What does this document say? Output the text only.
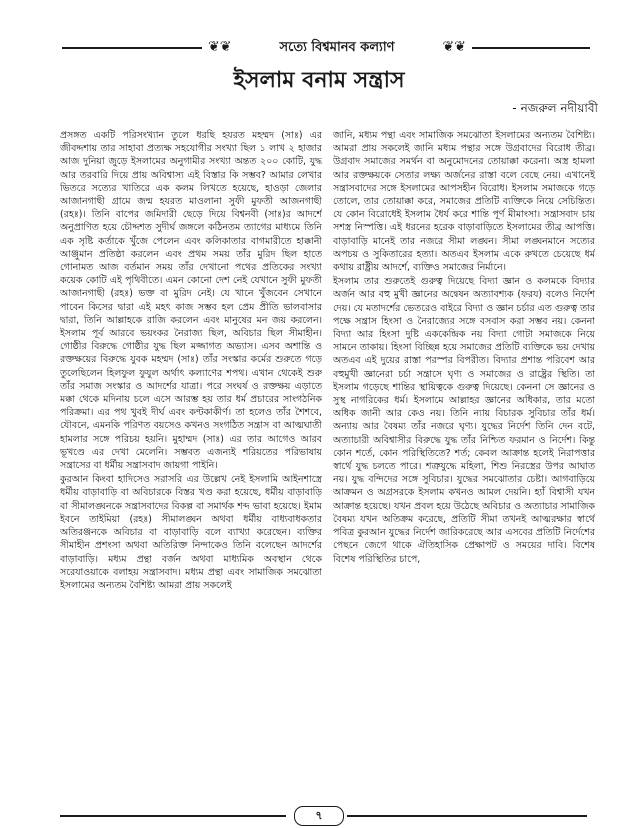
❦❦	সত্যে বিশ্বমানব কল্যাণ	❦❦
ইসলাম বনাম সন্ত্রাস
- নজরুল নদীয়াবী

প্রসঙ্গত একটি পরিসংখ্যান তুলে ধরছি হযরত মহম্মদ (সাঃ) এর জীবদ্দশায় তার সাহাবা প্রত্যক্ষ সহযোগীর সংখ্যা ছিল ১ লাখ ২ হাজার আজ দুনিয়া জুড়ে ইসলামের অনুগামীর সংখ্যা অন্তত ২০০ কোটি, যুদ্ধ আর তরবারি দিয়ে প্রায় অবিশ্বাস্য এই বিস্তার কি সম্ভব? আমার লেখার ভিতরে সত্যের খাতিরে এক কলম লিখতে হয়েছে, হাওড়া জেলার আজানগাছী গ্রামে জন্ম হযরত মাওলানা সুফী মুফতী আজনগাছী (রহঃ)। তিনি বাপের জমিদারী ছেড়ে দিয়ে বিশ্বনবী (সাঃ)র আদর্শে অনুপ্রাণিত হয়ে চৌদ্দশত সুদীর্ঘ জঙ্গলে কঠিনতম ত্যাগের মাধ্যমে তিনি এক সৃষ্টি কর্তাকে খুঁজে পেলেন এবং কলিকাতার বাগমারীতে হাক্কানী আঞ্জুমান প্রতিষ্ঠা করলেন এবং প্রথম সময় তাঁর মুরিদ ছিল হাতে গোনামত আজ বর্তমান সময় তাঁর দেখানো পথের প্রতিকের সংখ্যা কয়েক কোটি এই পৃথিবীতে। এমন কোনো দেশ নেই যেখানে সুফী মুফতী আজানগাছী (রহঃ) ভক্ত বা মুরিদ নেই। যে খানে খুঁজবেন সেখানে পাবেন কিসের দ্বারা এই মহৎ কাজ সম্ভব হল প্রেম প্রীতি ভালবাসার দ্বারা, তিনি আল্লাহকে রাজি করলেন এবং মানুষের মন জয় করলেন। ইসলাম পূর্ব আরবে ভয়ংকর নৈরাজ্য ছিল, অবিচার ছিল সীমাহীন। গোষ্ঠীর বিরুদ্ধে গোষ্ঠীর যুদ্ধ ছিল মজ্জাগত অভ্যাস। এসব অশান্তি ও রক্তক্ষয়ের বিরুদ্ধে যুবক মহম্মদ (সাঃ) তাঁর সংস্কার কর্মের শুরুতে গড়ে তুলেছিলেন হিলফুল ফুযুল অর্থাৎ কল্যাণের শপথ। এখান থেকেই শুরু তাঁর সমাজ সংস্কার ও আদর্শের যাত্রা। পরে সংঘর্ষ ও রক্তক্ষয় এড়াতে মক্কা থেকে মদিনায় চলে এসে আরম্ভ হয় তার ধর্ম প্রচারের সাংগঠনিক পরিক্রমা। এর পথ খুবই দীর্ঘ এবং কণ্টকাকীর্ণ। তা হলেও তাঁর শৈশবে, যৌবনে, এমনকি পরিণত বয়সেও কখনও সংগঠিত সন্ত্রাস বা আত্মঘাতী হামলার সঙ্গে পরিচয় হয়নি। মুহাম্মদ (সাঃ) এর তার আগেও আরব ভূখণ্ডে এর দেখা মেলেনি। সম্ভবত এজন্যই শরিয়তের পরিভাষায় সন্ত্রাসের বা ধর্মীয় সন্ত্রাসবাদ জায়গা পাইনি।

কুরআন কিংবা হাদিসেও সরাসরি এর উল্লেখ নেই ইসলামি আইনশাস্ত্রে ধর্মীয় বাড়াবাড়ি বা অবিচারকে বিস্তর খণ্ড করা হয়েছে, ধর্মীয় বাড়াবাড়ি বা সীমালঙ্ঘনকে সন্ত্রাসবাদের বিকল্প বা সমার্থক শব্দ ভাবা হয়েছে। ইমাম ইবনে তাইমিয়া (রহঃ) সীমালঙ্ঘন অথবা ধর্মীয় বাধ্যবাধকতার অতিরঞ্জনকে অবিচার বা বাড়াবাড়ি বলে ব্যাখ্যা করেছেন। ব্যক্তির সীমাহীন প্রশংসা অথবা অতিরিক্ত নিন্দাকেও তিনি বলেছেন আদর্শের বাড়াবাড়ি। মধ্যম প্রন্থা বর্জন অথবা মাধ্যমিক অবস্থান থেকে সরেযাওয়াকে বলাহয় সন্ত্রাসবাদ। মধ্যম প্রন্থা এবং সামাজিক সমঝোতা ইসলামের অন্যতম বৈশিষ্ট্য আমরা প্রায় সকলেই

জানি, মধ্যম পন্থা এবং সামাজিক সমঝোতা ইসলামের অন্যতম বৈশিষ্ট্য। আমরা প্রায় সকলেই জানি মধ্যম পন্থার সঙ্গে উগ্রবাদের বিরোধ তীব্র। উগ্রবাদ সমাজের সমর্থন বা অনুমোদনের তোয়াক্কা করেনা। অস্ত্র হামলা আর রক্তক্ষয়কে সেতার লক্ষ্য অর্জনের রাস্তা বলে বেছে নেয়। এখানেই সন্ত্রাসবাদের সঙ্গে ইসলামের আপসহীন বিরোধ। ইসলাম সমাজকে গড়ে তোলে, তার তোয়াক্কা করে, সমাজের প্রতিটি ব্যক্তিকে নিয়ে সেচিন্তিত। যে কোন বিরোধেই ইসলাম ধৈর্য করে শান্তি পূর্ণ মীমাংসা। সন্ত্রাসবাদ চায় সশস্ত্র নিস্পত্তি। এই ধরনের হরেক বাড়াবাড়িতে ইসলামের তীব্র আপত্তি। বাড়াবাড়ি মানেই তার নজরে সীমা লঙ্ঘন। সীমা লঙ্ঘনমানে সত্যের অপচয় ও সুকিতারের হত্যা। অতএব ইসলাম একে রুখতে চেয়েছে ধর্ম কথায় রাষ্ট্রীয় আদর্শে, ব্যক্তিও সমাজের নির্মানে।

ইসলাম তার শুরুতেই গুরুত্ব দিয়েছে বিদ্যা জ্ঞান ও কলমকে বিদ্যার অর্জন আর বহু মুখী জ্ঞানের অন্বেষন অত্যাবশ্যক (ফরয) বলেও নির্দেশ দেয়। যে মতাদর্শের ভেতরেও বাইরে বিদ্যা ও জ্ঞান চর্চার এত গুরুত্ব তার পক্ষে সন্ত্রাস হিংসা ও নৈরাজ্যের সঙ্গে বসবাস করা সম্ভব নয়। কেননা বিদ্যা আর হিংসা দুষ্টি এককেন্দ্রিক নয় বিদ্যা গোটা সমাজকে নিয়ে সামনে তাকায়। হিংসা বিচ্ছিন্ন হয়ে সমাজের প্রতিটি ব্যক্তিকে ভয় দেখায় অতএব এই দুয়ের রাস্তা পরস্পর বিপরীত। বিদ্যার প্রশান্ত পরিবেশ আর বহুমুখী জ্ঞানেরা চর্চা সন্ত্রাসে ঘৃণ্য ও সমাজের ও রাষ্ট্রের স্থিতি। তা ইসলাম গড়েছে শান্তির স্থায়িত্বকে গুরুত্ব দিয়েছে। কেননা সে জ্ঞানের ও সুস্থ নাগরিকের ধর্ম। ইসলামে আল্লাহর জ্ঞানের অধিকার, তার মতো অধিক জানী আর কেও নয়। তিনি ন্যায় বিচারক সুবিচার তাঁর ধর্ম। অন্যায় আর বৈষম্য তাঁর নজরে ঘৃণ্য। যুদ্ধের নির্দেশ তিনি দেন বটে, অত্যাচারী অবিশ্বাসীর বিরুদ্ধে যুদ্ধ তাঁর নিশ্চিত ফরমান ও নির্দেশ। কিন্তু কোন শর্তে, কোন পরিস্থিতিতে? শর্ত; কেবল আক্রান্ত হলেই নিরাপত্তার স্বার্থে যুদ্ধ চলতে পারে। শত্রুযুদ্ধে মহিলা, শিশু নিরস্ত্রের উপর আঘাত নয়। যুদ্ধ বন্দিদের সঙ্গে সুবিচার। যুদ্ধের সমঝোতার চেষ্টা। আগবাড়িয়ে আক্রমন ও অগ্রসরকে ইসলাম কখনও আমল দেয়নি। হ্যাঁ বিশ্বাসী যখন আক্রান্ত হয়েছে। যখন প্রবল হয়ে উঠেছে অবিচার ও অত্যাচার সামাজিক বৈষম্য যখন অতিক্রম করেছে, প্রতিটি সীমা তখনই আত্মরক্ষার স্বার্থে পবিত্র কুরআন যুদ্ধের নির্দেশ জারিকরেছে আর এসবের প্রতিটি নির্দেশের পেছনে জেগে থাকে ঐতিহাসিক প্রেক্ষাপট ও সময়ের দাবি। বিশেষ বিশেষ পরিস্থিতির চাপে,

৭
